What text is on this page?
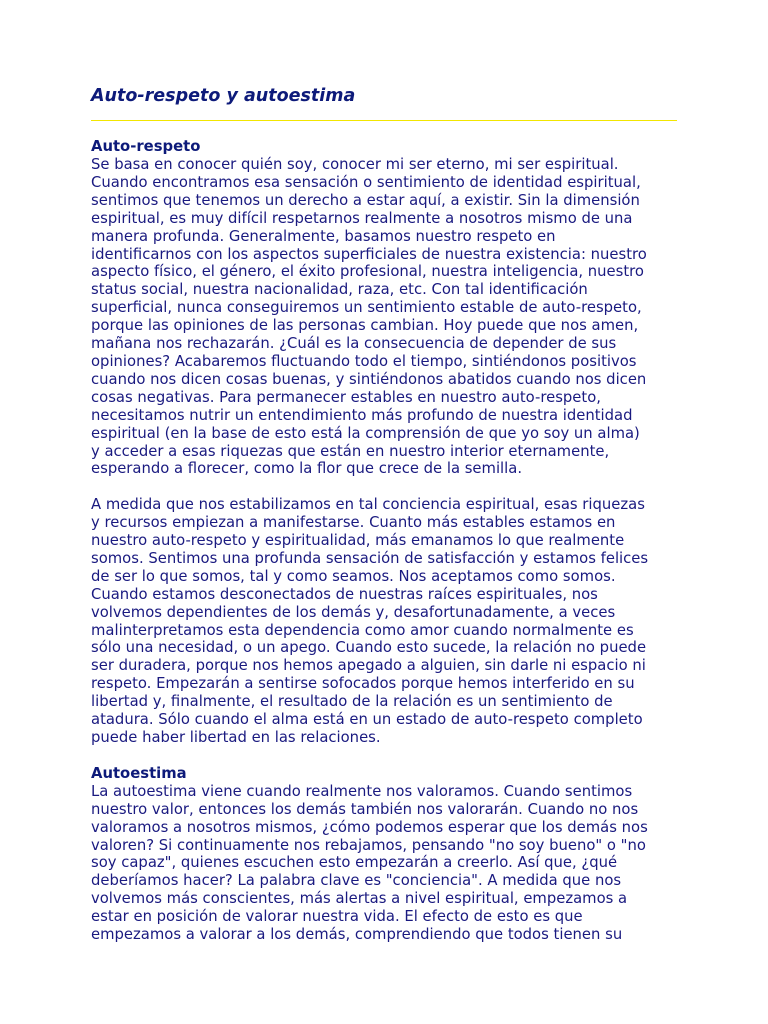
Auto-respeto y autoestima
Auto-respeto
Se basa en conocer quién soy, conocer mi ser eterno, mi ser espiritual.
Cuando encontramos esa sensación o sentimiento de identidad espiritual,
sentimos que tenemos un derecho a estar aquí, a existir. Sin la dimensión
espiritual, es muy difícil respetarnos realmente a nosotros mismo de una
manera profunda. Generalmente, basamos nuestro respeto en
identificarnos con los aspectos superficiales de nuestra existencia: nuestro
aspecto físico, el género, el éxito profesional, nuestra inteligencia, nuestro
status social, nuestra nacionalidad, raza, etc. Con tal identificación
superficial, nunca conseguiremos un sentimiento estable de auto-respeto,
porque las opiniones de las personas cambian. Hoy puede que nos amen,
mañana nos rechazarán. ¿Cuál es la consecuencia de depender de sus
opiniones? Acabaremos fluctuando todo el tiempo, sintiéndonos positivos
cuando nos dicen cosas buenas, y sintiéndonos abatidos cuando nos dicen
cosas negativas. Para permanecer estables en nuestro auto-respeto,
necesitamos nutrir un entendimiento más profundo de nuestra identidad
espiritual (en la base de esto está la comprensión de que yo soy un alma)
y acceder a esas riquezas que están en nuestro interior eternamente,
esperando a florecer, como la flor que crece de la semilla.
A medida que nos estabilizamos en tal conciencia espiritual, esas riquezas
y recursos empiezan a manifestarse. Cuanto más estables estamos en
nuestro auto-respeto y espiritualidad, más emanamos lo que realmente
somos. Sentimos una profunda sensación de satisfacción y estamos felices
de ser lo que somos, tal y como seamos. Nos aceptamos como somos.
Cuando estamos desconectados de nuestras raíces espirituales, nos
volvemos dependientes de los demás y, desafortunadamente, a veces
malinterpretamos esta dependencia como amor cuando normalmente es
sólo una necesidad, o un apego. Cuando esto sucede, la relación no puede
ser duradera, porque nos hemos apegado a alguien, sin darle ni espacio ni
respeto. Empezarán a sentirse sofocados porque hemos interferido en su
libertad y, finalmente, el resultado de la relación es un sentimiento de
atadura. Sólo cuando el alma está en un estado de auto-respeto completo
puede haber libertad en las relaciones.
Autoestima
La autoestima viene cuando realmente nos valoramos. Cuando sentimos
nuestro valor, entonces los demás también nos valorarán. Cuando no nos
valoramos a nosotros mismos, ¿cómo podemos esperar que los demás nos
valoren? Si continuamente nos rebajamos, pensando "no soy bueno" o "no
soy capaz", quienes escuchen esto empezarán a creerlo. Así que, ¿qué
deberíamos hacer? La palabra clave es "conciencia". A medida que nos
volvemos más conscientes, más alertas a nivel espiritual, empezamos a
estar en posición de valorar nuestra vida. El efecto de esto es que
empezamos a valorar a los demás, comprendiendo que todos tienen su
